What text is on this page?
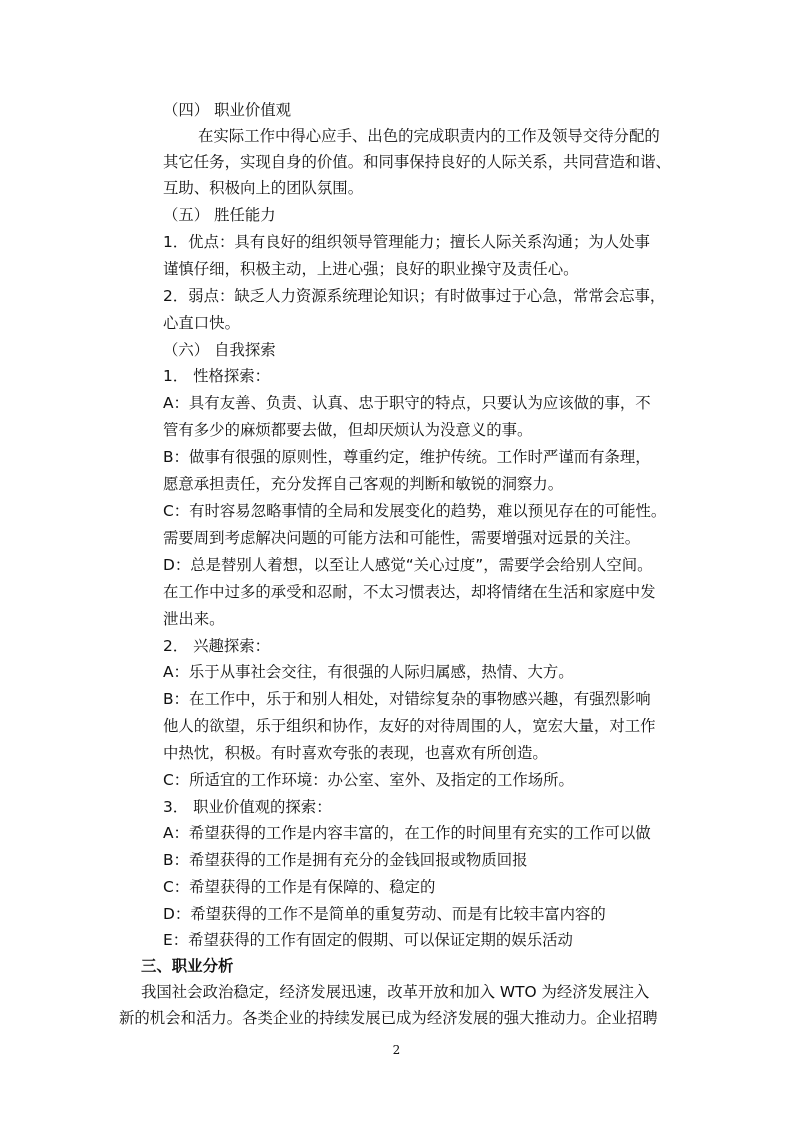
（四） 职业价值观
在实际工作中得心应手、出色的完成职责内的工作及领导交待分配的
其它任务，实现自身的价值。和同事保持良好的人际关系，共同营造和谐、
互助、积极向上的团队氛围。
（五） 胜任能力
1．优点：具有良好的组织领导管理能力；擅长人际关系沟通；为人处事
谨慎仔细，积极主动，上进心强；良好的职业操守及责任心。
2．弱点：缺乏人力资源系统理论知识；有时做事过于心急，常常会忘事，
心直口快。
（六） 自我探索
1． 性格探索：
A：具有友善、负责、认真、忠于职守的特点，只要认为应该做的事，不
管有多少的麻烦都要去做，但却厌烦认为没意义的事。
B：做事有很强的原则性，尊重约定，维护传统。工作时严谨而有条理，
愿意承担责任，充分发挥自己客观的判断和敏锐的洞察力。
C：有时容易忽略事情的全局和发展变化的趋势，难以预见存在的可能性。
需要周到考虑解决问题的可能方法和可能性，需要增强对远景的关注。
D：总是替别人着想，以至让人感觉“关心过度”，需要学会给别人空间。
在工作中过多的承受和忍耐，不太习惯表达，却将情绪在生活和家庭中发
泄出来。
2． 兴趣探索：
A：乐于从事社会交往，有很强的人际归属感，热情、大方。
B：在工作中，乐于和别人相处，对错综复杂的事物感兴趣，有强烈影响
他人的欲望，乐于组织和协作，友好的对待周围的人，宽宏大量，对工作
中热忱，积极。有时喜欢夸张的表现，也喜欢有所创造。
C：所适宜的工作环境：办公室、室外、及指定的工作场所。
3． 职业价值观的探索：
A：希望获得的工作是内容丰富的，在工作的时间里有充实的工作可以做
B：希望获得的工作是拥有充分的金钱回报或物质回报
C：希望获得的工作是有保障的、稳定的
D：希望获得的工作不是简单的重复劳动、而是有比较丰富内容的
E：希望获得的工作有固定的假期、可以保证定期的娱乐活动
三、职业分析
我国社会政治稳定，经济发展迅速，改革开放和加入 WTO 为经济发展注入
新的机会和活力。各类企业的持续发展已成为经济发展的强大推动力。企业招聘
2
